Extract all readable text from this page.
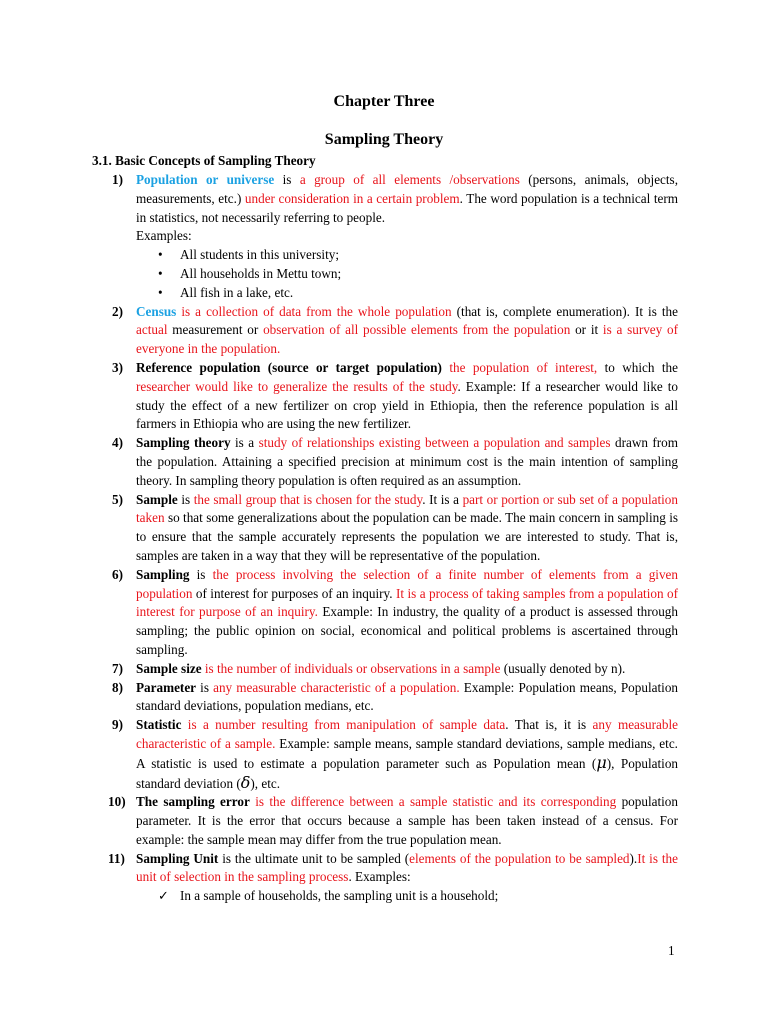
Chapter Three
Sampling Theory
3.1. Basic Concepts of Sampling Theory
1) Population or universe is a group of all elements /observations (persons, animals, objects, measurements, etc.) under consideration in a certain problem. The word population is a technical term in statistics, not necessarily referring to people.
Examples:
• All students in this university;
• All households in Mettu town;
• All fish in a lake, etc.
2) Census is a collection of data from the whole population (that is, complete enumeration). It is the actual measurement or observation of all possible elements from the population or it is a survey of everyone in the population.
3) Reference population (source or target population) the population of interest, to which the researcher would like to generalize the results of the study. Example: If a researcher would like to study the effect of a new fertilizer on crop yield in Ethiopia, then the reference population is all farmers in Ethiopia who are using the new fertilizer.
4) Sampling theory is a study of relationships existing between a population and samples drawn from the population. Attaining a specified precision at minimum cost is the main intention of sampling theory. In sampling theory population is often required as an assumption.
5) Sample is the small group that is chosen for the study. It is a part or portion or sub set of a population taken so that some generalizations about the population can be made. The main concern in sampling is to ensure that the sample accurately represents the population we are interested to study. That is, samples are taken in a way that they will be representative of the population.
6) Sampling is the process involving the selection of a finite number of elements from a given population of interest for purposes of an inquiry. It is a process of taking samples from a population of interest for purpose of an inquiry. Example: In industry, the quality of a product is assessed through sampling; the public opinion on social, economical and political problems is ascertained through sampling.
7) Sample size is the number of individuals or observations in a sample (usually denoted by n).
8) Parameter is any measurable characteristic of a population. Example: Population means, Population standard deviations, population medians, etc.
9) Statistic is a number resulting from manipulation of sample data. That is, it is any measurable characteristic of a sample. Example: sample means, sample standard deviations, sample medians, etc. A statistic is used to estimate a population parameter such as Population mean (μ), Population standard deviation (δ), etc.
10) The sampling error is the difference between a sample statistic and its corresponding population parameter. It is the error that occurs because a sample has been taken instead of a census. For example: the sample mean may differ from the true population mean.
11) Sampling Unit is the ultimate unit to be sampled (elements of the population to be sampled).It is the unit of selection in the sampling process. Examples:
✓ In a sample of households, the sampling unit is a household;
1
